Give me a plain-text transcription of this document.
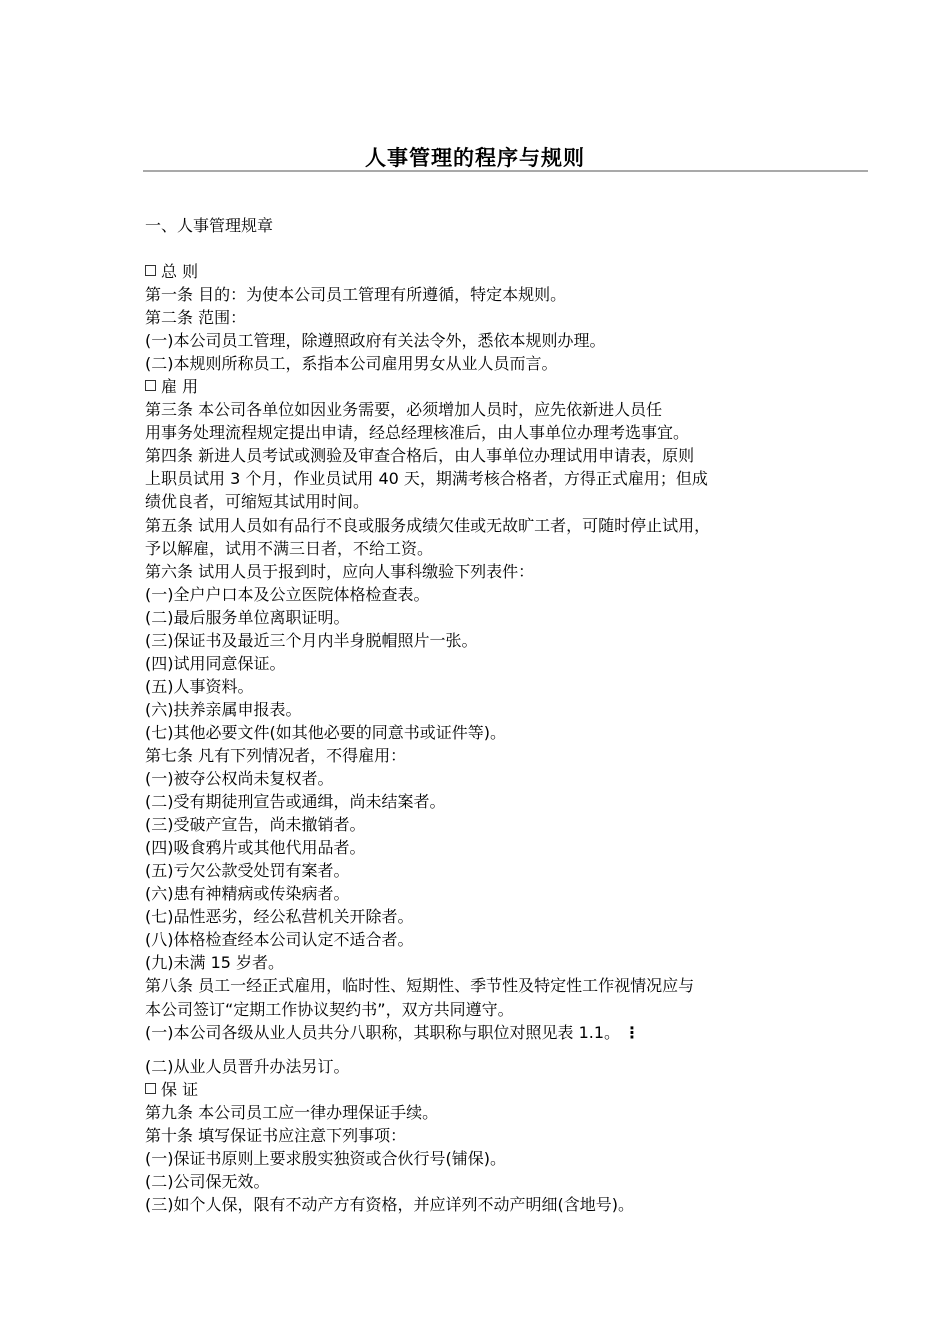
人事管理的程序与规则
一、人事管理规章
总 则
第一条 目的：为使本公司员工管理有所遵循，特定本规则。
第二条 范围：
(一)本公司员工管理，除遵照政府有关法令外，悉依本规则办理。
(二)本规则所称员工，系指本公司雇用男女从业人员而言。
雇 用
第三条 本公司各单位如因业务需要，必须增加人员时，应先依新进人员任
用事务处理流程规定提出申请，经总经理核准后，由人事单位办理考选事宜。
第四条 新进人员考试或测验及审查合格后，由人事单位办理试用申请表，原则
上职员试用 3 个月，作业员试用 40 天，期满考核合格者，方得正式雇用；但成
绩优良者，可缩短其试用时间。
第五条 试用人员如有品行不良或服务成绩欠佳或无故旷工者，可随时停止试用，
予以解雇，试用不满三日者，不给工资。
第六条 试用人员于报到时，应向人事科缴验下列表件：
(一)全户户口本及公立医院体格检查表。
(二)最后服务单位离职证明。
(三)保证书及最近三个月内半身脱帽照片一张。
(四)试用同意保证。
(五)人事资料。
(六)扶养亲属申报表。
(七)其他必要文件(如其他必要的同意书或证件等)。
第七条 凡有下列情况者，不得雇用：
(一)被夺公权尚未复权者。
(二)受有期徒刑宣告或通缉，尚未结案者。
(三)受破产宣告，尚未撤销者。
(四)吸食鸦片或其他代用品者。
(五)亏欠公款受处罚有案者。
(六)患有神精病或传染病者。
(七)品性恶劣，经公私营机关开除者。
(八)体格检查经本公司认定不适合者。
(九)未满 15 岁者。
第八条 员工一经正式雇用，临时性、短期性、季节性及特定性工作视情况应与
本公司签订“定期工作协议契约书”，双方共同遵守。
(一)本公司各级从业人员共分八职称，其职称与职位对照见表 1.1。 ⋮
(二)从业人员晋升办法另订。
保 证
第九条 本公司员工应一律办理保证手续。
第十条 填写保证书应注意下列事项：
(一)保证书原则上要求殷实独资或合伙行号(铺保)。
(二)公司保无效。
(三)如个人保，限有不动产方有资格，并应详列不动产明细(含地号)。
